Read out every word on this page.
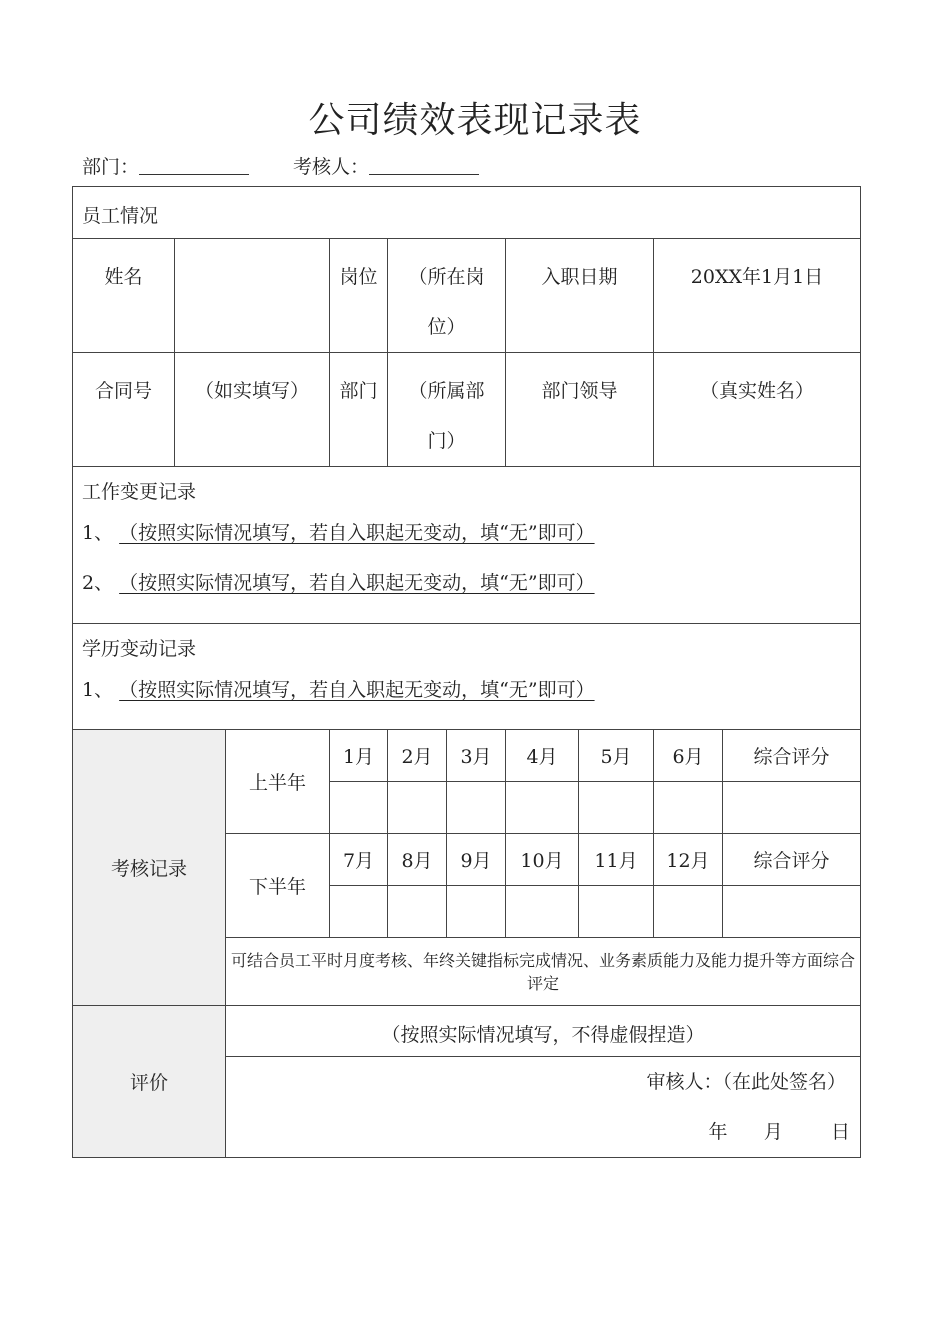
公司绩效表现记录表
部门：	考核人：
员工情况									

姓名			岗位	（所在岗位）		入职日期		20XX年1月1日	

合同号	（如实填写）		部门	（所属部门）		部门领导		（真实姓名）	

工作变更记录
1、 （按照实际情况填写，若自入职起无变动，填“无”即可）
2、 （按照实际情况填写，若自入职起无变动，填“无”即可）									

学历变动记录
1、 （按照实际情况填写，若自入职起无变动，填“无”即可）									

考核记录		上半年	1月	2月	3月	4月	5月	6月	综合评分

		下半年	7月	8月	9月	10月	11月	12月	综合评分

		可结合员工平时月度考核、年终关键指标完成情况、业务素质能力及能力提升等方面综合评定							
评价		（按照实际情况填写，不得虚假捏造）							
		审核人：（在此处签名）							
		年      月        日							
